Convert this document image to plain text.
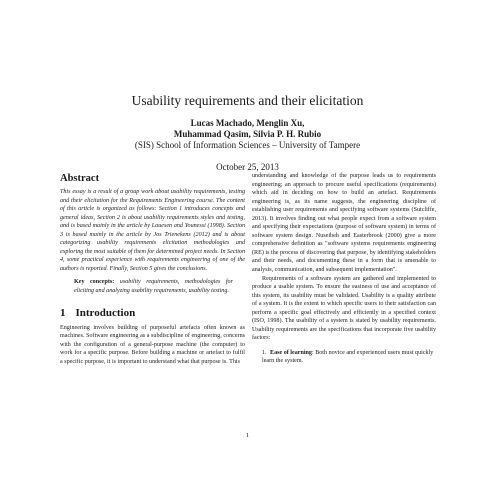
Usability requirements and their elicitation
Lucas Machado, Menglin Xu,
Muhammad Qasim, Silvia P. H. Rubio
(SIS) School of Information Sciences – University of Tampere
October 25, 2013
Abstract

This essay is a result of a group work about usability requirements, testing and their elicitation for the Requirements Engineering course. The content of this article is organized as follows: Section 1 introduces concepts and general ideas, Section 2 is about usability requirements styles and testing, and is based mainly in the article by Lauesen and Younessi (1998). Section 3 is based mainly in the article by Jos Trienekens (2012) and is about categorizing usability requirements elicitation methodologies and exploring the most suitable of them for determined project needs. In Section 4, some practical experience with requirements engineering of one of the authors is reported. Finally, Section 5 gives the conclusions.

Key concepts: usability requirements, methodologies for eliciting and analyzing usability requirements, usability testing.

1 Introduction

Engineering involves building of purposeful artefacts often known as machines. Software engineering as a subdiscipline of engineering, concerns with the configuration of a general-purpose machine (the computer) to work for a specific purpose. Before building a machine or artefact to fulfil a specific purpose, it is important to understand what that purpose is. This

understanding and knowledge of the purpose leads us to requirements engineering; an approach to procure useful specifications (requirements) which aid in deciding on how to build an artefact. Requirements engineering is, as its name suggests, the engineering discipline of establishing user requirements and specifying software systems (Sutcliffe, 2013). It involves finding out what people expect from a software system and specifying their expectations (purpose of software system) in terms of software system design. Nuseibeh and Easterbrook (2000) give a more comprehensive definition as "software systems requirements engineering (RE) is the process of discovering that purpose, by identifying stakeholders and their needs, and documenting these in a form that is amenable to analysis, communication, and subsequent implementation".

Requirements of a software system are gathered and implemented to produce a usable system. To ensure the easiness of use and acceptance of this system, its usability must be validated. Usability is a quality attribute of a system. It is the extent to which specific users to their satisfaction can perform a specific goal effectively and efficiently in a specified context (ISO, 1998). The usability of a system is stated by usability requirements. Usability requirements are the specifications that incorporate five usability factors:

1. Ease of learning: Both novice and experienced users must quickly learn the system.
1
